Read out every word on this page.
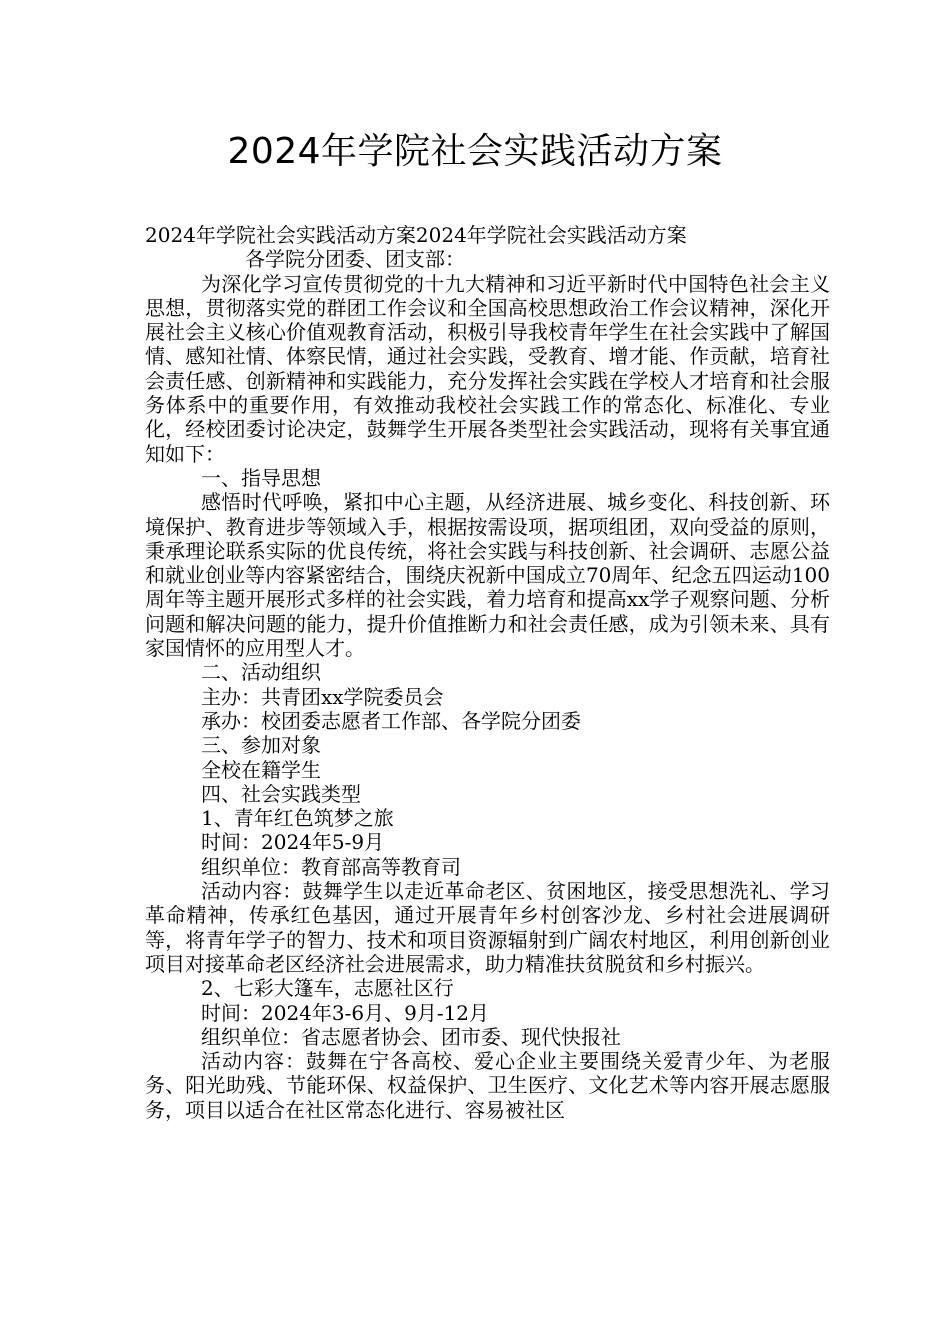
2024年学院社会实践活动方案

2024年学院社会实践活动方案2024年学院社会实践活动方案

各学院分团委、团支部：

为深化学习宣传贯彻党的十九大精神和习近平新时代中国特色社会主义思想，贯彻落实党的群团工作会议和全国高校思想政治工作会议精神，深化开展社会主义核心价值观教育活动，积极引导我校青年学生在社会实践中了解国情、感知社情、体察民情，通过社会实践，受教育、增才能、作贡献，培育社会责任感、创新精神和实践能力，充分发挥社会实践在学校人才培育和社会服务体系中的重要作用，有效推动我校社会实践工作的常态化、标准化、专业化，经校团委讨论决定，鼓舞学生开展各类型社会实践活动，现将有关事宜通知如下：

一、指导思想

感悟时代呼唤，紧扣中心主题，从经济进展、城乡变化、科技创新、环境保护、教育进步等领域入手，根据按需设项，据项组团，双向受益的原则，秉承理论联系实际的优良传统，将社会实践与科技创新、社会调研、志愿公益和就业创业等内容紧密结合，围绕庆祝新中国成立70周年、纪念五四运动100周年等主题开展形式多样的社会实践，着力培育和提高xx学子观察问题、分析问题和解决问题的能力，提升价值推断力和社会责任感，成为引领未来、具有家国情怀的应用型人才。

二、活动组织

主办：共青团xx学院委员会

承办：校团委志愿者工作部、各学院分团委

三、参加对象

全校在籍学生

四、社会实践类型

1、青年红色筑梦之旅

时间：2024年5-9月

组织单位：教育部高等教育司

活动内容：鼓舞学生以走近革命老区、贫困地区，接受思想洗礼、学习革命精神，传承红色基因，通过开展青年乡村创客沙龙、乡村社会进展调研等，将青年学子的智力、技术和项目资源辐射到广阔农村地区，利用创新创业项目对接革命老区经济社会进展需求，助力精准扶贫脱贫和乡村振兴。

2、七彩大篷车，志愿社区行

时间：2024年3-6月、9月-12月

组织单位：省志愿者协会、团市委、现代快报社

活动内容：鼓舞在宁各高校、爱心企业主要围绕关爱青少年、为老服务、阳光助残、节能环保、权益保护、卫生医疗、文化艺术等内容开展志愿服务，项目以适合在社区常态化进行、容易被社区
